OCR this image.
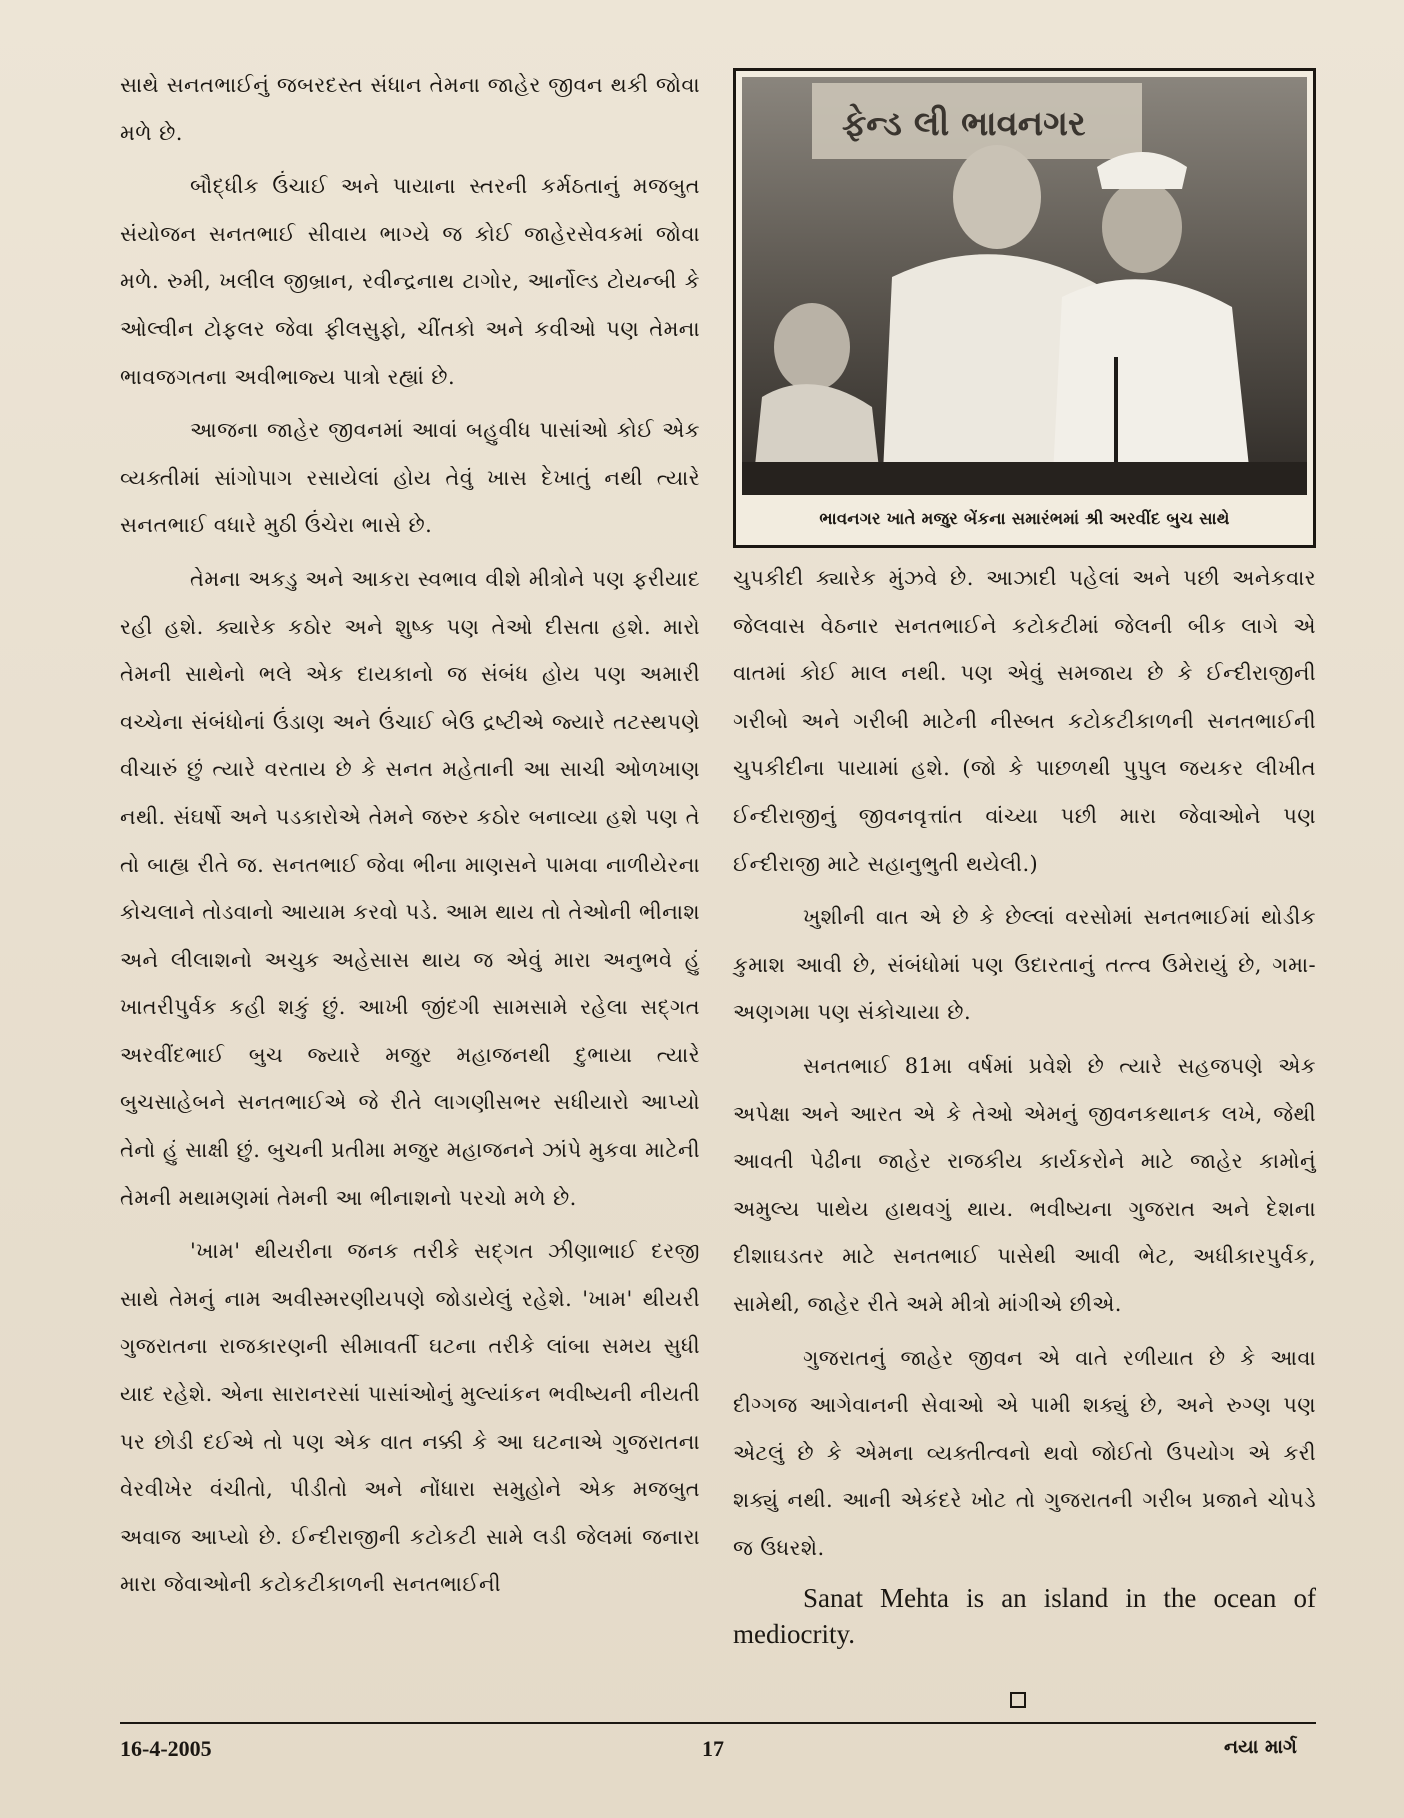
સાથે સનતભાઈનું જબરદસ્ત સંધાન તેમના જાહેર જીવન થકી જોવા મળે છે.

બૌદ્ધીક ઉંચાઈ અને પાયાના સ્તરની કર્મઠતાનું મજબુત સંયોજન સનતભાઈ સીવાય ભાગ્યે જ કોઈ જાહેરસેવકમાં જોવા મળે. રુમી, ખલીલ જીબ્રાન, રવીન્દ્રનાથ ટાગોર, આર્નોલ્ડ ટોયન્બી કે ઓલ્વીન ટોફલર જેવા ફીલસુફો, ચીંતકો અને કવીઓ પણ તેમના ભાવજગતના અવીભાજ્ય પાત્રો રહ્યાં છે.

આજના જાહેર જીવનમાં આવાં બહુવીધ પાસાંઓ કોઈ એક વ્યક્તીમાં સાંગોપાગ રસાયેલાં હોય તેવું ખાસ દેખાતું નથી ત્યારે સનતભાઈ વધારે મુઠી ઉંચેરા ભાસે છે.

તેમના અકડુ અને આકરા સ્વભાવ વીશે મીત્રોને પણ ફરીયાદ રહી હશે. ક્યારેક કઠોર અને શુષ્ક પણ તેઓ દીસતા હશે. મારો તેમની સાથેનો ભલે એક દાયકાનો જ સંબંધ હોય પણ અમારી વચ્ચેના સંબંધોનાં ઉંડાણ અને ઉંચાઈ બેઉ દ્રષ્ટીએ જ્યારે તટસ્થપણે વીચારું છું ત્યારે વરતાય છે કે સનત મહેતાની આ સાચી ઓળખાણ નથી. સંઘર્ષો અને પડકારોએ તેમને જરુર કઠોર બનાવ્યા હશે પણ તે તો બાહ્ય રીતે જ. સનતભાઈ જેવા ભીના માણસને પામવા નાળીયેરના કોચલાને તોડવાનો આયામ કરવો પડે. આમ થાય તો તેઓની ભીનાશ અને લીલાશનો અચુક અહેસાસ થાય જ એવું મારા અનુભવે હું ખાતરીપુર્વક કહી શકું છું. આખી જીંદગી સામસામે રહેલા સદ્ગત અરવીંદભાઈ બુચ જ્યારે મજુર મહાજનથી દુભાયા ત્યારે બુચસાહેબને સનતભાઈએ જે રીતે લાગણીસભર સધીયારો આપ્યો તેનો હું સાક્ષી છું. બુચની પ્રતીમા મજુર મહાજનને ઝાંપે મુકવા માટેની તેમની મથામણમાં તેમની આ ભીનાશનો પરચો મળે છે.

'ખામ' થીયરીના જનક તરીકે સદ્ગત ઝીણાભાઈ દરજી સાથે તેમનું નામ અવીસ્મરણીયપણે જોડાયેલું રહેશે. 'ખામ' થીયરી ગુજરાતના રાજકારણની સીમાવર્તી ઘટના તરીકે લાંબા સમય સુધી યાદ રહેશે. એના સારાનરસાં પાસાંઓનું મુલ્યાંકન ભવીષ્યની નીયતી પર છોડી દઈએ તો પણ એક વાત નક્કી કે આ ઘટનાએ ગુજરાતના વેરવીખેર વંચીતો, પીડીતો અને નોંધારા સમુહોને એક મજબુત અવાજ આપ્યો છે. ઈન્દીરાજીની કટોકટી સામે લડી જેલમાં જનારા મારા જેવાઓની કટોકટીકાળની સનતભાઈની

ફેન્ડ લી ભાવનગર
ભાવનગર ખાતે મજુર બેંકના સમારંભમાં શ્રી અરવીંદ બુચ સાથે

ચુપકીદી ક્યારેક મુંઝવે છે. આઝાદી પહેલાં અને પછી અનેકવાર જેલવાસ વેઠનાર સનતભાઈને કટોકટીમાં જેલની બીક લાગે એ વાતમાં કોઈ માલ નથી. પણ એવું સમજાય છે કે ઈન્દીરાજીની ગરીબો અને ગરીબી માટેની નીસ્બત કટોકટીકાળની સનતભાઈની ચુપકીદીના પાયામાં હશે. (જો કે પાછળથી પુપુલ જયકર લીખીત ઈન્દીરાજીનું જીવનવૃત્તાંત વાંચ્યા પછી મારા જેવાઓને પણ ઈન્દીરાજી માટે સહાનુભુતી થયેલી.)

ખુશીની વાત એ છે કે છેલ્લાં વરસોમાં સનતભાઈમાં થોડીક કુમાશ આવી છે, સંબંધોમાં પણ ઉદારતાનું તત્ત્વ ઉમેરાયું છે, ગમા-અણગમા પણ સંકોચાયા છે.

સનતભાઈ 81મા વર્ષમાં પ્રવેશે છે ત્યારે સહજપણે એક અપેક્ષા અને આરત એ કે તેઓ એમનું જીવનકથાનક લખે, જેથી આવતી પેઢીના જાહેર રાજકીય કાર્યકરોને માટે જાહેર કામોનું અમુલ્ય પાથેય હાથવગું થાય. ભવીષ્યના ગુજરાત અને દેશના દીશાઘડતર માટે સનતભાઈ પાસેથી આવી ભેટ, અધીકારપુર્વક, સામેથી, જાહેર રીતે અમે મીત્રો માંગીએ છીએ.

ગુજરાતનું જાહેર જીવન એ વાતે રળીયાત છે કે આવા દીગ્ગજ આગેવાનની સેવાઓ એ પામી શક્યું છે, અને રુગ્ણ પણ એટલું છે કે એમના વ્યક્તીત્વનો થવો જોઈતો ઉપયોગ એ કરી શક્યું નથી. આની એકંદરે ખોટ તો ગુજરાતની ગરીબ પ્રજાને ચોપડે જ ઉધરશે.

Sanat Mehta is an island in the ocean of mediocrity.

16-4-2005	17	નયા માર્ગ
